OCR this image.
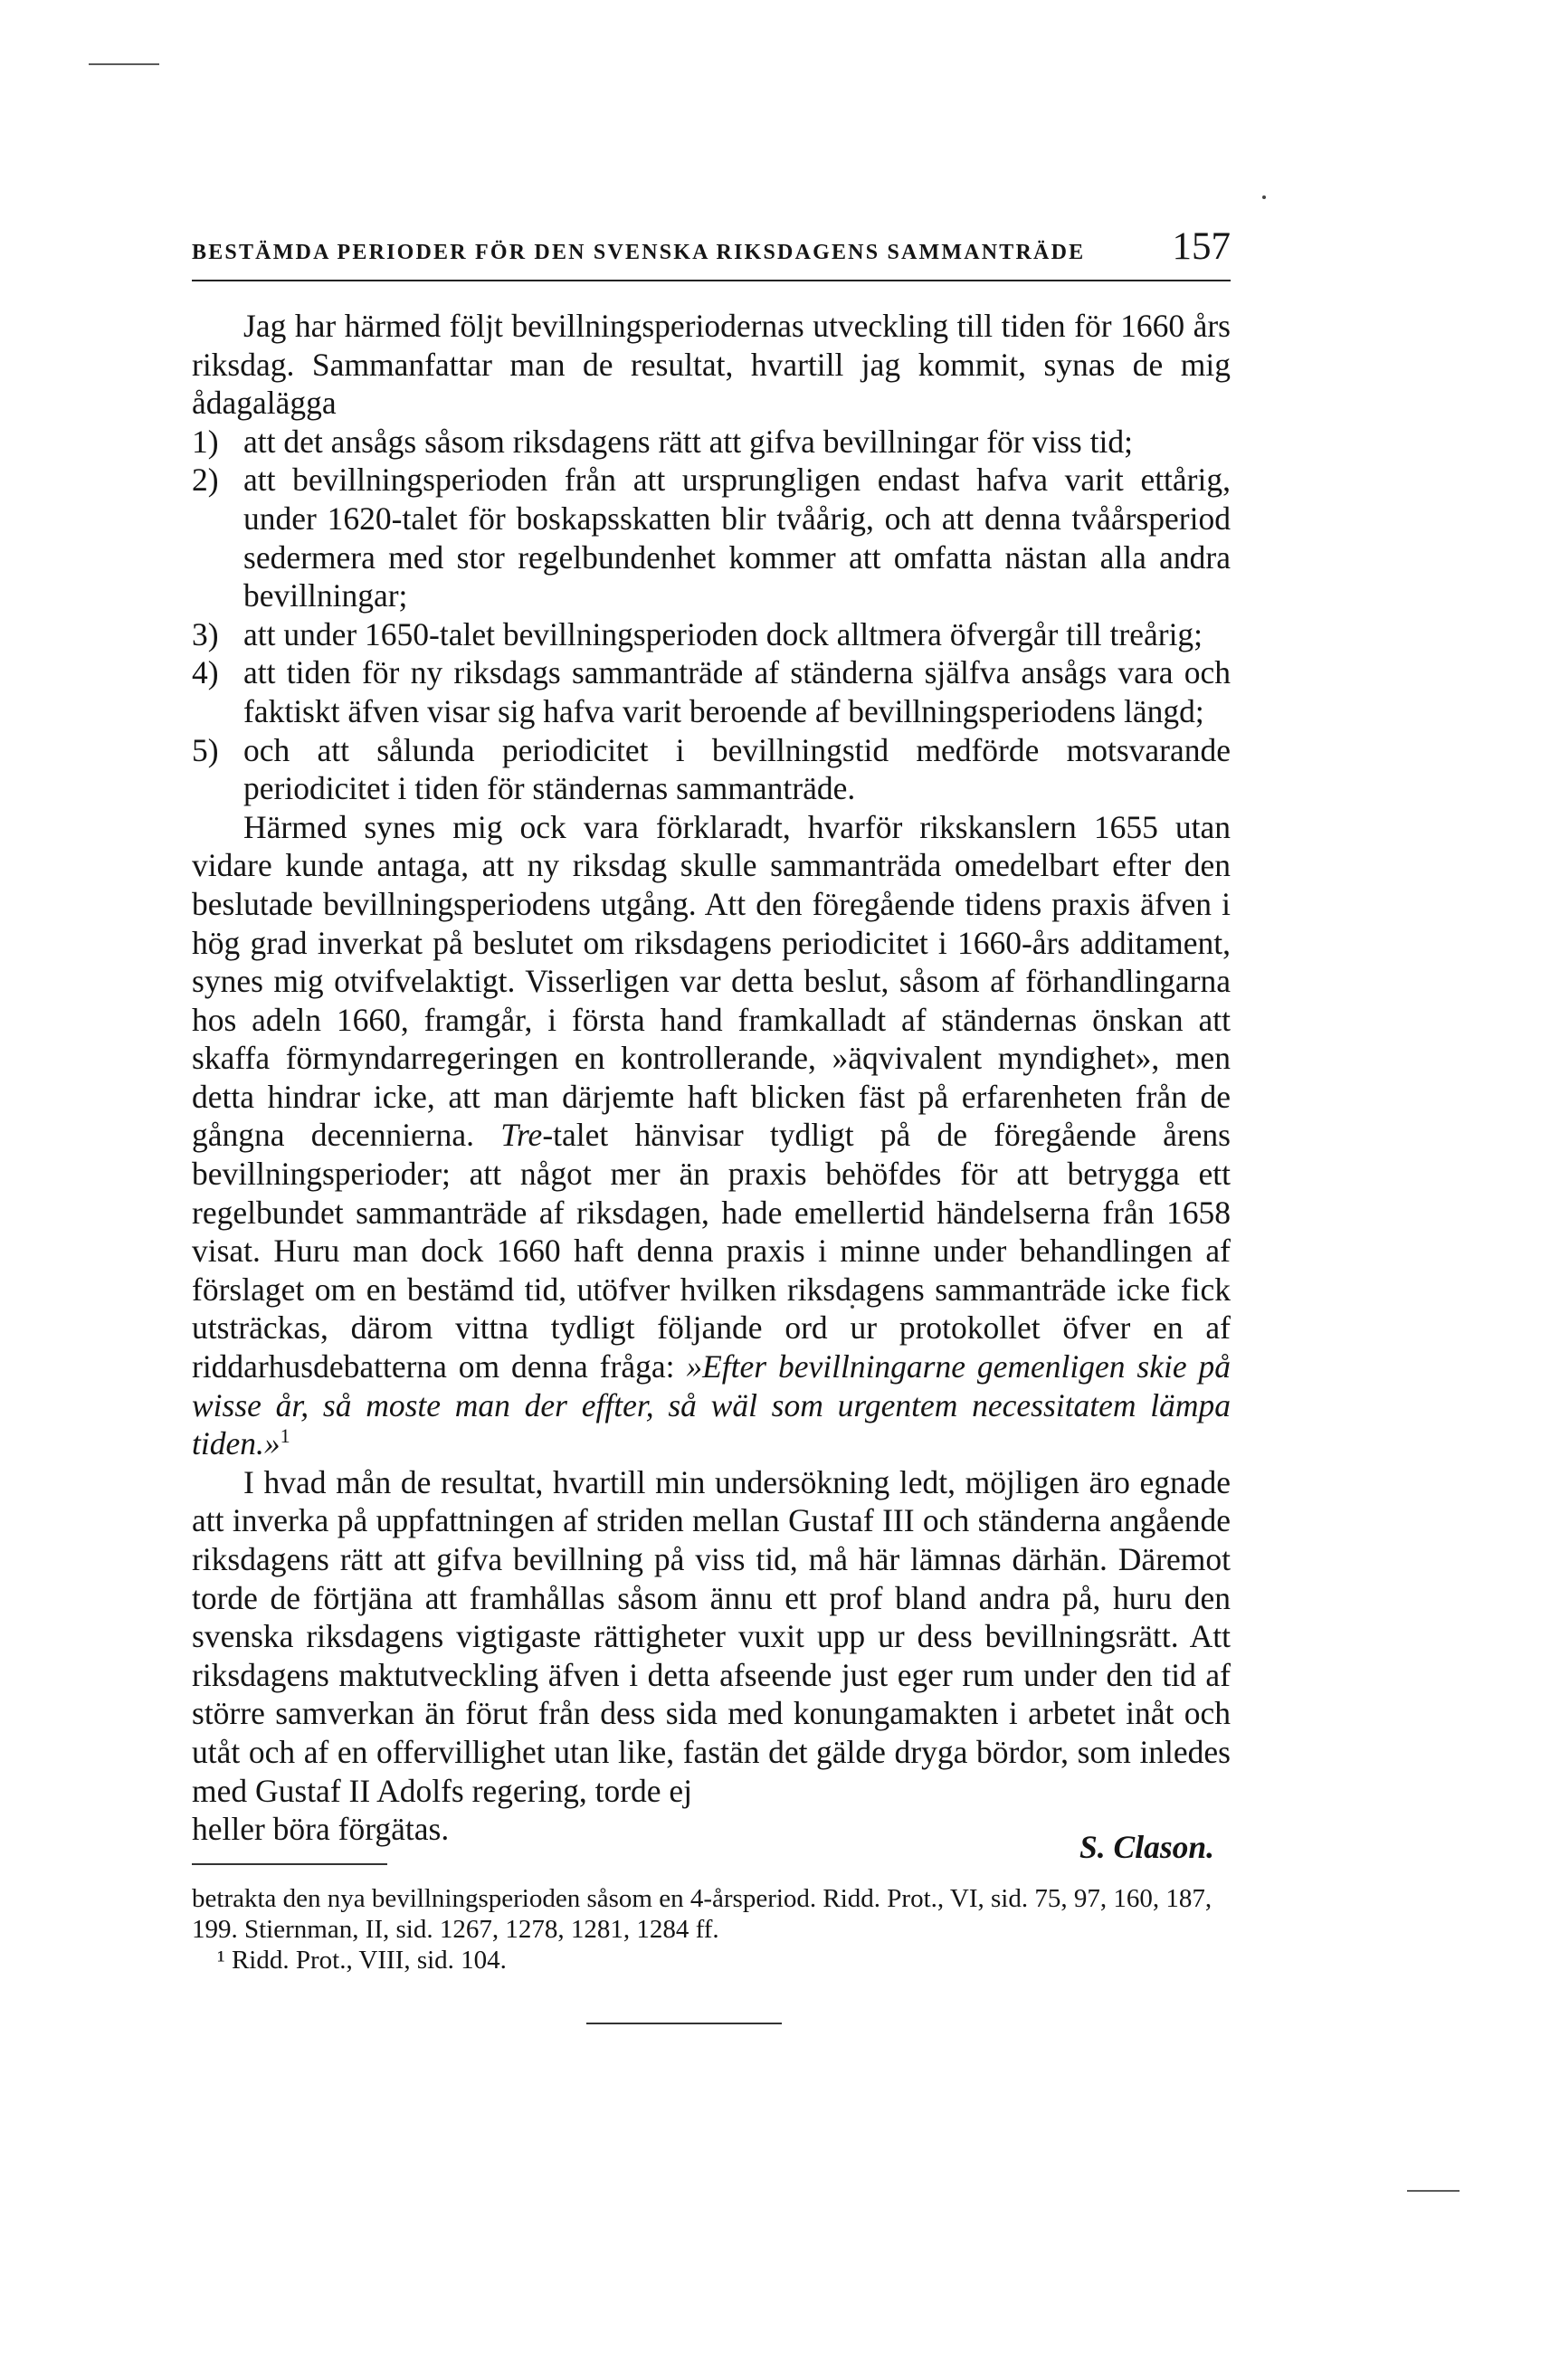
BESTÄMDA PERIODER FÖR DEN SVENSKA RIKSDAGENS SAMMANTRÄDE 157

Jag har härmed följt bevillningsperiodernas utveckling till tiden för 1660 års riksdag. Sammanfattar man de resultat, hvartill jag kommit, synas de mig ådagalägga

1) att det ansågs såsom riksdagens rätt att gifva bevillningar för viss tid;

2) att bevillningsperioden från att ursprungligen endast hafva varit ettårig, under 1620-talet för boskapsskatten blir tvåårig, och att denna tvåårsperiod sedermera med stor regelbundenhet kommer att omfatta nästan alla andra bevillningar;

3) att under 1650-talet bevillningsperioden dock alltmera öfvergår till treårig;

4) att tiden för ny riksdags sammanträde af ständerna själfva ansågs vara och faktiskt äfven visar sig hafva varit beroende af bevillningsperiodens längd;

5) och att sålunda periodicitet i bevillningstid medförde motsvarande periodicitet i tiden för ständernas sammanträde.

Härmed synes mig ock vara förklaradt, hvarför rikskanslern 1655 utan vidare kunde antaga, att ny riksdag skulle sammanträda omedelbart efter den beslutade bevillningsperiodens utgång. Att den föregående tidens praxis äfven i hög grad inverkat på beslutet om riksdagens periodicitet i 1660-års additament, synes mig otvifvelaktigt. Visserligen var detta beslut, såsom af förhandlingarna hos adeln 1660, framgår, i första hand framkalladt af ständernas önskan att skaffa förmyndarregeringen en kontrollerande, »äqvivalent myndighet», men detta hindrar icke, att man därjemte haft blicken fäst på erfarenheten från de gångna decennierna. Tre-talet hänvisar tydligt på de föregående årens bevillningsperioder; att något mer än praxis behöfdes för att betrygga ett regelbundet sammanträde af riksdagen, hade emellertid händelserna från 1658 visat. Huru man dock 1660 haft denna praxis i minne under behandlingen af förslaget om en bestämd tid, utöfver hvilken riksdagens sammanträde icke fick utsträckas, därom vittna tydligt följande ord ur protokollet öfver en af riddarhusdebatterna om denna fråga: »Efter bevillningarne gemenligen skie på wisse år, så moste man der effter, så wäl som urgentem necessitatem lämpa tiden.»$^1$

I hvad mån de resultat, hvartill min undersökning ledt, möjligen äro egnade att inverka på uppfattningen af striden mellan Gustaf III och ständerna angående riksdagens rätt att gifva bevillning på viss tid, må här lämnas därhän. Däremot torde de förtjäna att framhållas såsom ännu ett prof bland andra på, huru den svenska riksdagens vigtigaste rättigheter vuxit upp ur dess bevillningsrätt. Att riksdagens maktutveckling äfven i detta afseende just eger rum under den tid af större samverkan än förut från dess sida med konungamakten i arbetet inåt och utåt och af en offervillighet utan like, fastän det gälde dryga bördor, som inledes med Gustaf II Adolfs regering, torde ej

heller böra förgätas.	S. Clason.

betrakta den nya bevillningsperioden såsom en 4-årsperiod. Ridd. Prot., VI, sid. 75, 97, 160, 187, 199. Stiernman, II, sid. 1267, 1278, 1281, 1284 ff.

¹ Ridd. Prot., VIII, sid. 104.
